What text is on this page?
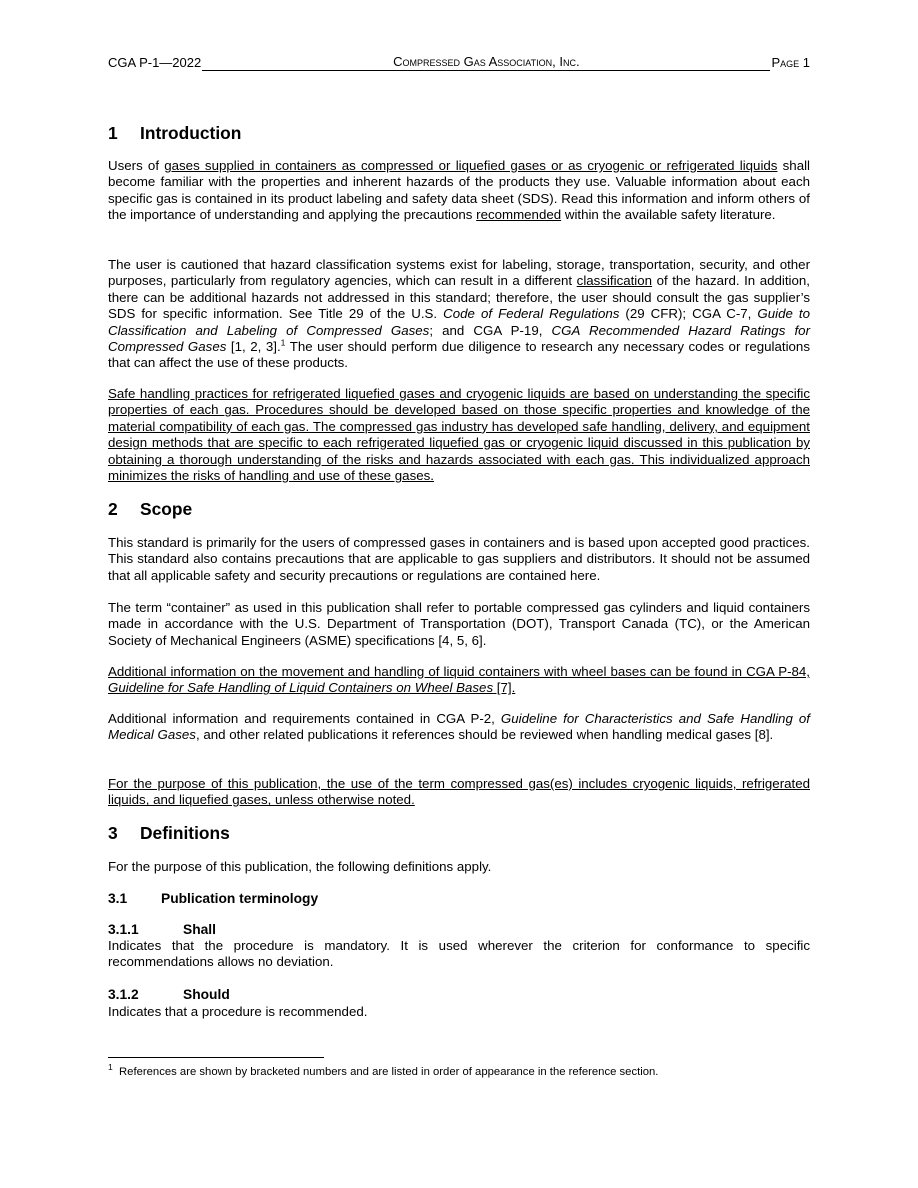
CGA P-1—2022	Compressed Gas Association, Inc.	Page 1
1 Introduction

Users of gases supplied in containers as compressed or liquefied gases or as cryogenic or refrigerated liquids shall become familiar with the properties and inherent hazards of the products they use. Valuable information about each specific gas is contained in its product labeling and safety data sheet (SDS). Read this information and inform others of the importance of understanding and applying the precautions recommended within the available safety literature.

The user is cautioned that hazard classification systems exist for labeling, storage, transportation, security, and other purposes, particularly from regulatory agencies, which can result in a different classification of the hazard. In addition, there can be additional hazards not addressed in this standard; therefore, the user should consult the gas supplier’s SDS for specific information. See Title 29 of the U.S. Code of Federal Regulations (29 CFR); CGA C-7, Guide to Classification and Labeling of Compressed Gases; and CGA P-19, CGA Recommended Hazard Ratings for Compressed Gases [1, 2, 3].$^1$ The user should perform due diligence to research any necessary codes or regulations that can affect the use of these products.

Safe handling practices for refrigerated liquefied gases and cryogenic liquids are based on understanding the specific properties of each gas. Procedures should be developed based on those specific properties and knowledge of the material compatibility of each gas. The compressed gas industry has developed safe handling, delivery, and equipment design methods that are specific to each refrigerated liquefied gas or cryogenic liquid discussed in this publication by obtaining a thorough understanding of the risks and hazards associated with each gas. This individualized approach minimizes the risks of handling and use of these gases.

2 Scope

This standard is primarily for the users of compressed gases in containers and is based upon accepted good practices. This standard also contains precautions that are applicable to gas suppliers and distributors. It should not be assumed that all applicable safety and security precautions or regulations are contained here.

The term “container” as used in this publication shall refer to portable compressed gas cylinders and liquid containers made in accordance with the U.S. Department of Transportation (DOT), Transport Canada (TC), or the American Society of Mechanical Engineers (ASME) specifications [4, 5, 6].

Additional information on the movement and handling of liquid containers with wheel bases can be found in CGA P-84, Guideline for Safe Handling of Liquid Containers on Wheel Bases [7].

Additional information and requirements contained in CGA P-2, Guideline for Characteristics and Safe Handling of Medical Gases, and other related publications it references should be reviewed when handling medical gases [8].

For the purpose of this publication, the use of the term compressed gas(es) includes cryogenic liquids, refrigerated liquids, and liquefied gases, unless otherwise noted.

3 Definitions

For the purpose of this publication, the following definitions apply.

3.1 Publication terminology
3.1.1	Shall

Indicates that the procedure is mandatory. It is used wherever the criterion for conformance to specific recommendations allows no deviation.

3.1.2	Should

Indicates that a procedure is recommended.

$^1$ References are shown by bracketed numbers and are listed in order of appearance in the reference section.
